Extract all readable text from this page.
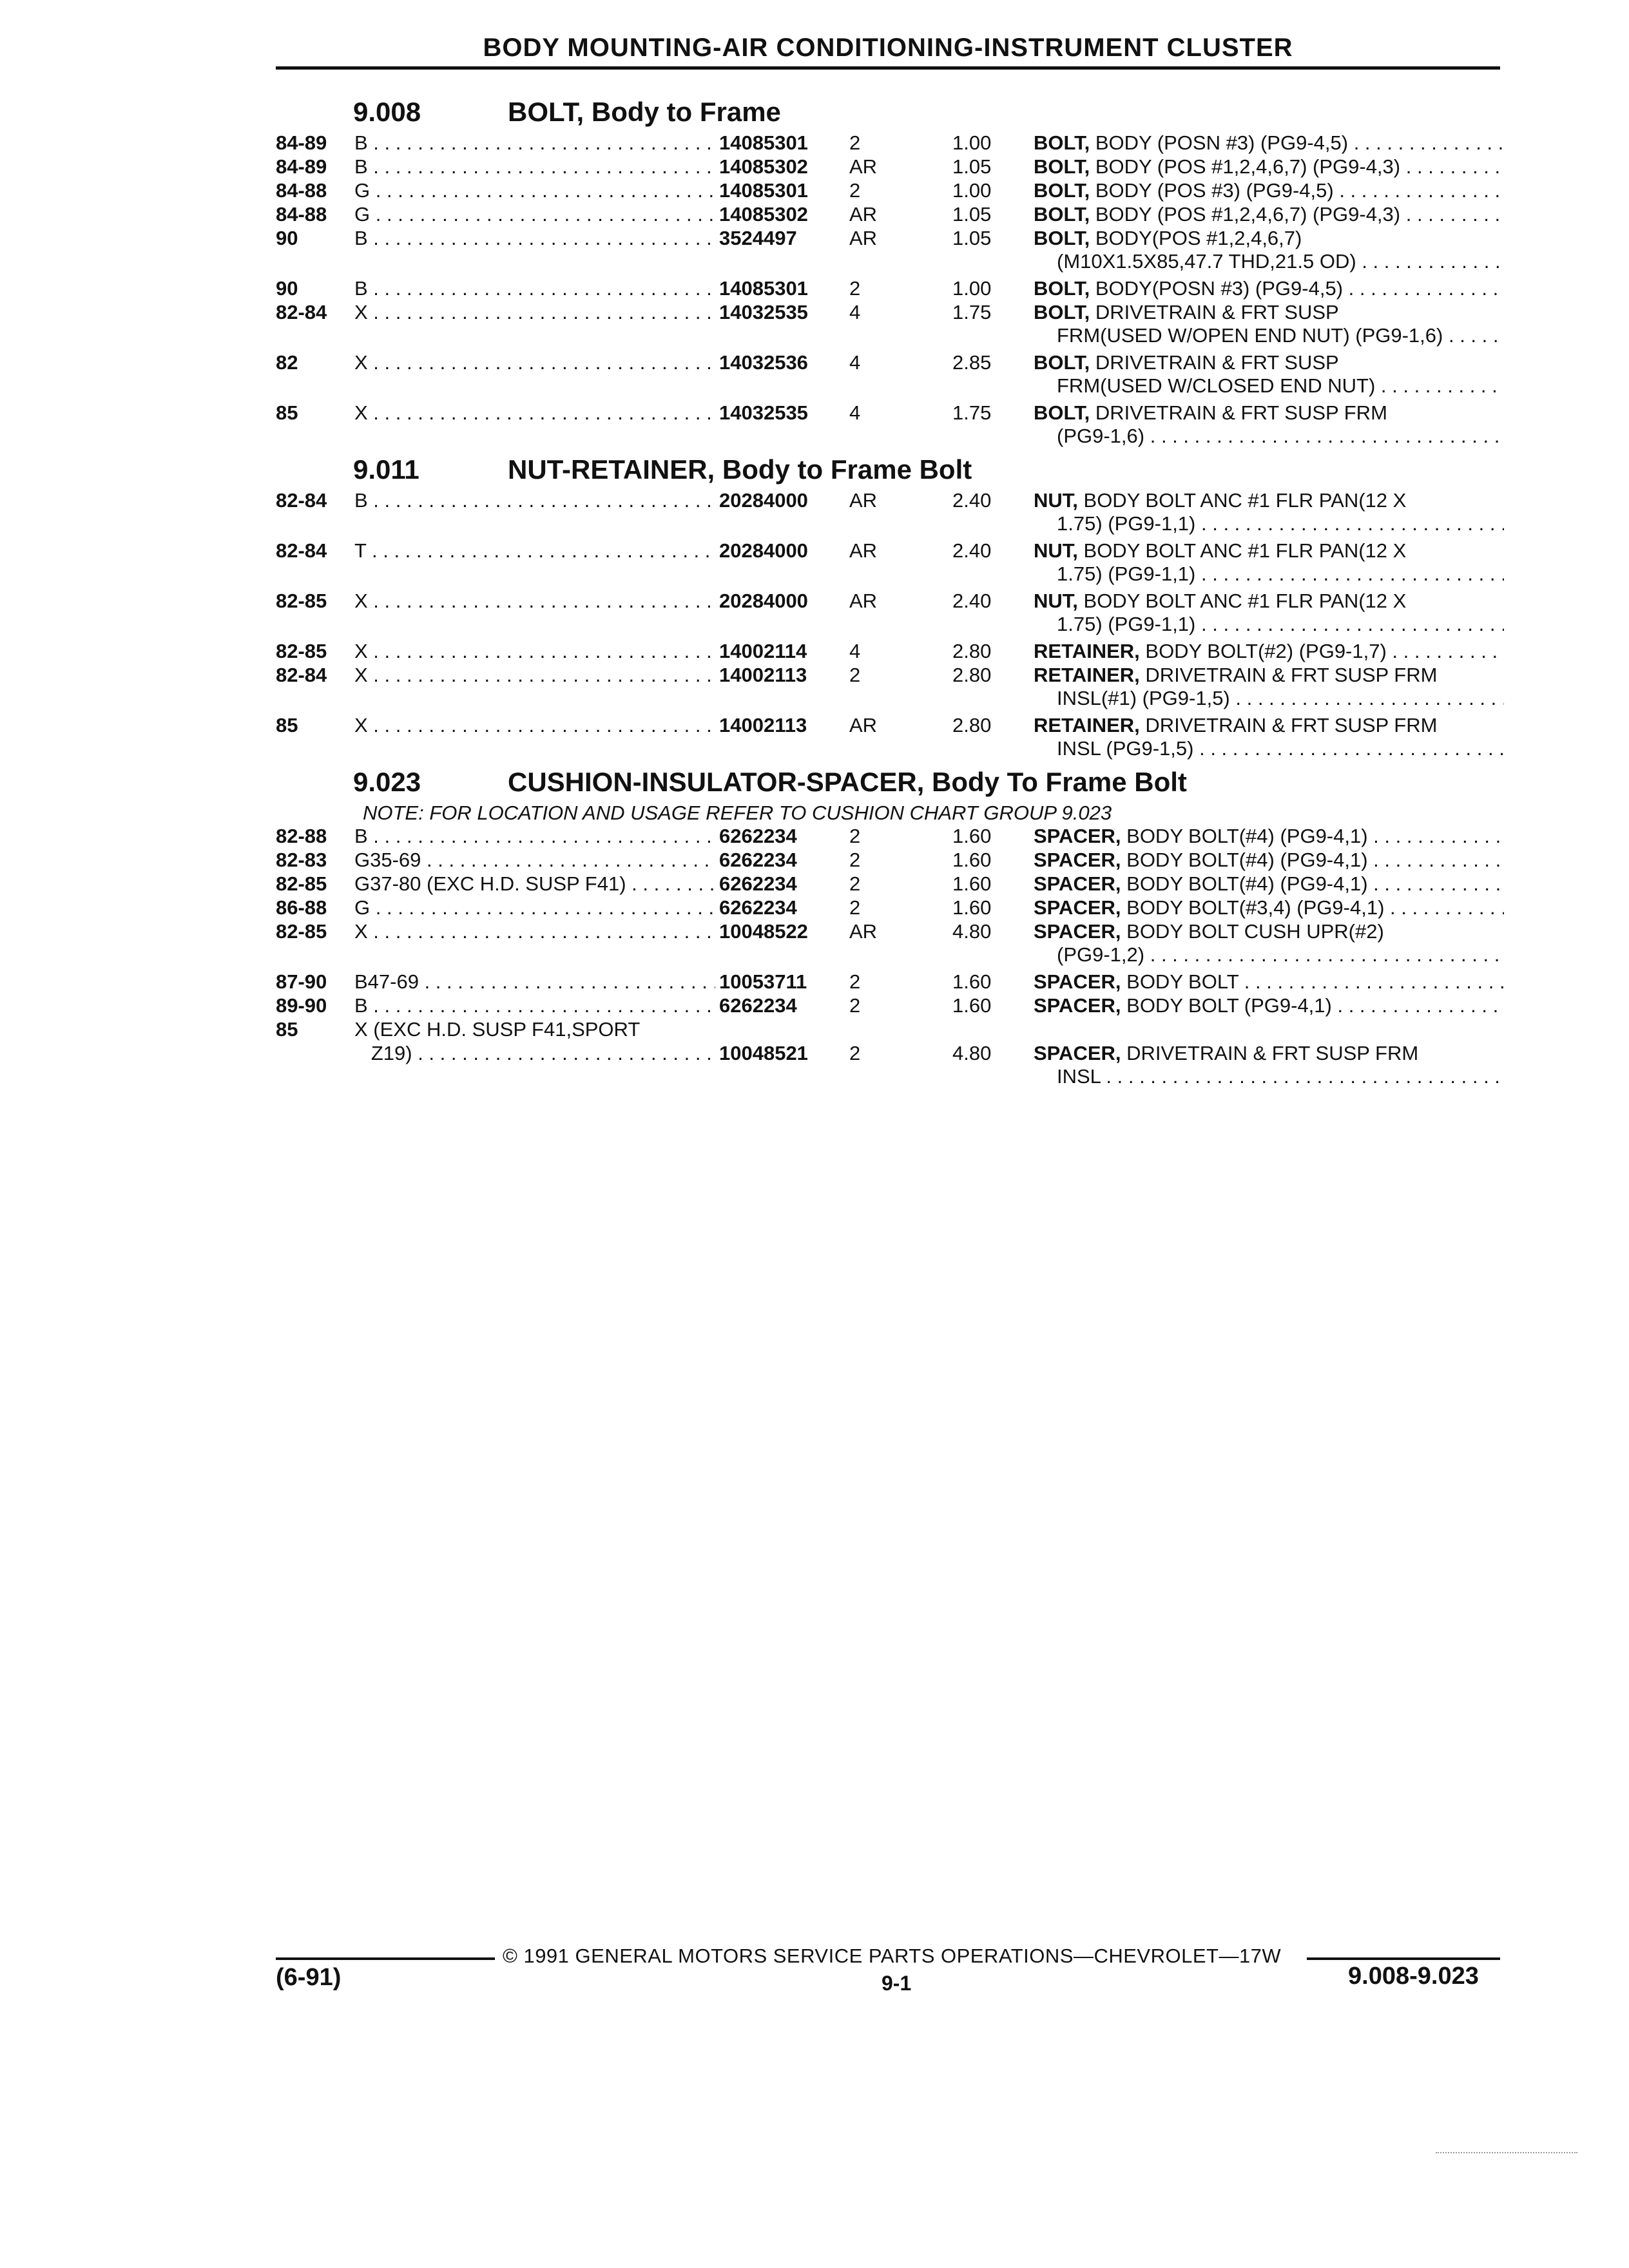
BODY MOUNTING-AIR CONDITIONING-INSTRUMENT CLUSTER
9.008	BOLT, Body to Frame
84-89	B . . .	14085301	2	1.00	BOLT, BODY (POSN #3) (PG9-4,5) . . .
84-89	B . . .	14085302	AR	1.05	BOLT, BODY (POS #1,2,4,6,7) (PG9-4,3) . . .
84-88	G . . .	14085301	2	1.00	BOLT, BODY (POS #3) (PG9-4,5) . . .
84-88	G . . .	14085302	AR	1.05	BOLT, BODY (POS #1,2,4,6,7) (PG9-4,3) . . .
90	B . . .	3524497	AR	1.05	BOLT, BODY(POS #1,2,4,6,7)
(M10X1.5X85,47.7 THD,21.5 OD) . . .
90	B . . .	14085301	2	1.00	BOLT, BODY(POSN #3) (PG9-4,5) . . .
82-84	X . . .	14032535	4	1.75	BOLT, DRIVETRAIN & FRT SUSP
FRM(USED W/OPEN END NUT) (PG9-1,6) . . .
82	X . . .	14032536	4	2.85	BOLT, DRIVETRAIN & FRT SUSP
FRM(USED W/CLOSED END NUT) . . .
85	X . . .	14032535	4	1.75	BOLT, DRIVETRAIN & FRT SUSP FRM
(PG9-1,6) . . .
9.011	NUT-RETAINER, Body to Frame Bolt
82-84	B . . .	20284000	AR	2.40	NUT, BODY BOLT ANC #1 FLR PAN(12 X
1.75) (PG9-1,1) . . .
82-84	T . . .	20284000	AR	2.40	NUT, BODY BOLT ANC #1 FLR PAN(12 X
1.75) (PG9-1,1) . . .
82-85	X . . .	20284000	AR	2.40	NUT, BODY BOLT ANC #1 FLR PAN(12 X
1.75) (PG9-1,1) . . .
82-85	X . . .	14002114	4	2.80	RETAINER, BODY BOLT(#2) (PG9-1,7) . . .
82-84	X . . .	14002113	2	2.80	RETAINER, DRIVETRAIN & FRT SUSP FRM
INSL(#1) (PG9-1,5) . . .
85	X . . .	14002113	AR	2.80	RETAINER, DRIVETRAIN & FRT SUSP FRM
INSL (PG9-1,5) . . .
9.023	CUSHION-INSULATOR-SPACER, Body To Frame Bolt
NOTE: FOR LOCATION AND USAGE REFER TO CUSHION CHART GROUP 9.023
82-88	B . . .	6262234	2	1.60	SPACER, BODY BOLT(#4) (PG9-4,1) . . .
82-83	G35-69 . . .	6262234	2	1.60	SPACER, BODY BOLT(#4) (PG9-4,1) . . .
82-85	G37-80 (EXC H.D. SUSP F41) . . .	6262234	2	1.60	SPACER, BODY BOLT(#4) (PG9-4,1) . . .
86-88	G . . .	6262234	2	1.60	SPACER, BODY BOLT(#3,4) (PG9-4,1) . . .
82-85	X . . .	10048522	AR	4.80	SPACER, BODY BOLT CUSH UPR(#2)
(PG9-1,2) . . .
87-90	B47-69 . . .	10053711	2	1.60	SPACER, BODY BOLT . . .
89-90	B . . .	6262234	2	1.60	SPACER, BODY BOLT (PG9-4,1) . . .
85	X (EXC H.D. SUSP F41,SPORT
Z19) . . .	10048521	2	4.80	SPACER, DRIVETRAIN & FRT SUSP FRM
INSL . . .
© 1991 GENERAL MOTORS SERVICE PARTS OPERATIONS—CHEVROLET—17W
(6-91)	9-1	9.008-9.023
